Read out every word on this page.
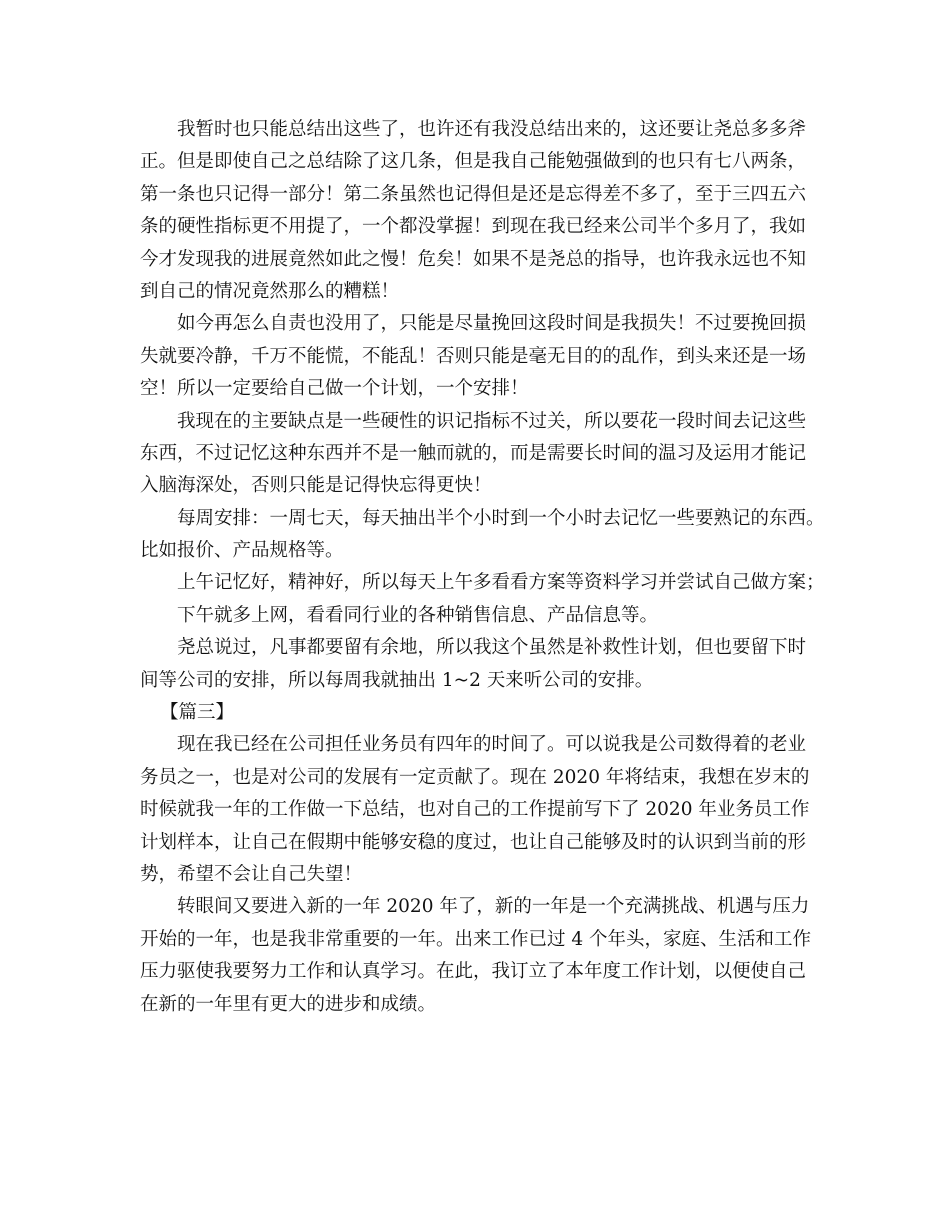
我暂时也只能总结出这些了，也许还有我没总结出来的，这还要让尧总多多斧
正。但是即使自己之总结除了这几条，但是我自己能勉强做到的也只有七八两条，
第一条也只记得一部分！第二条虽然也记得但是还是忘得差不多了，至于三四五六
条的硬性指标更不用提了，一个都没掌握！到现在我已经来公司半个多月了，我如
今才发现我的进展竟然如此之慢！危矣！如果不是尧总的指导，也许我永远也不知
到自己的情况竟然那么的糟糕！
如今再怎么自责也没用了，只能是尽量挽回这段时间是我损失！不过要挽回损
失就要冷静，千万不能慌，不能乱！否则只能是毫无目的的乱作，到头来还是一场
空！所以一定要给自己做一个计划，一个安排！
我现在的主要缺点是一些硬性的识记指标不过关，所以要花一段时间去记这些
东西，不过记忆这种东西并不是一触而就的，而是需要长时间的温习及运用才能记
入脑海深处，否则只能是记得快忘得更快！
每周安排：一周七天，每天抽出半个小时到一个小时去记忆一些要熟记的东西。
比如报价、产品规格等。
上午记忆好，精神好，所以每天上午多看看方案等资料学习并尝试自己做方案；
下午就多上网，看看同行业的各种销售信息、产品信息等。
尧总说过，凡事都要留有余地，所以我这个虽然是补救性计划，但也要留下时
间等公司的安排，所以每周我就抽出 1~2 天来听公司的安排。
【篇三】
现在我已经在公司担任业务员有四年的时间了。可以说我是公司数得着的老业
务员之一，也是对公司的发展有一定贡献了。现在 2020 年将结束，我想在岁末的
时候就我一年的工作做一下总结，也对自己的工作提前写下了 2020 年业务员工作
计划样本，让自己在假期中能够安稳的度过，也让自己能够及时的认识到当前的形
势，希望不会让自己失望！
转眼间又要进入新的一年 2020 年了，新的一年是一个充满挑战、机遇与压力
开始的一年，也是我非常重要的一年。出来工作已过 4 个年头，家庭、生活和工作
压力驱使我要努力工作和认真学习。在此，我订立了本年度工作计划，以便使自己
在新的一年里有更大的进步和成绩。
